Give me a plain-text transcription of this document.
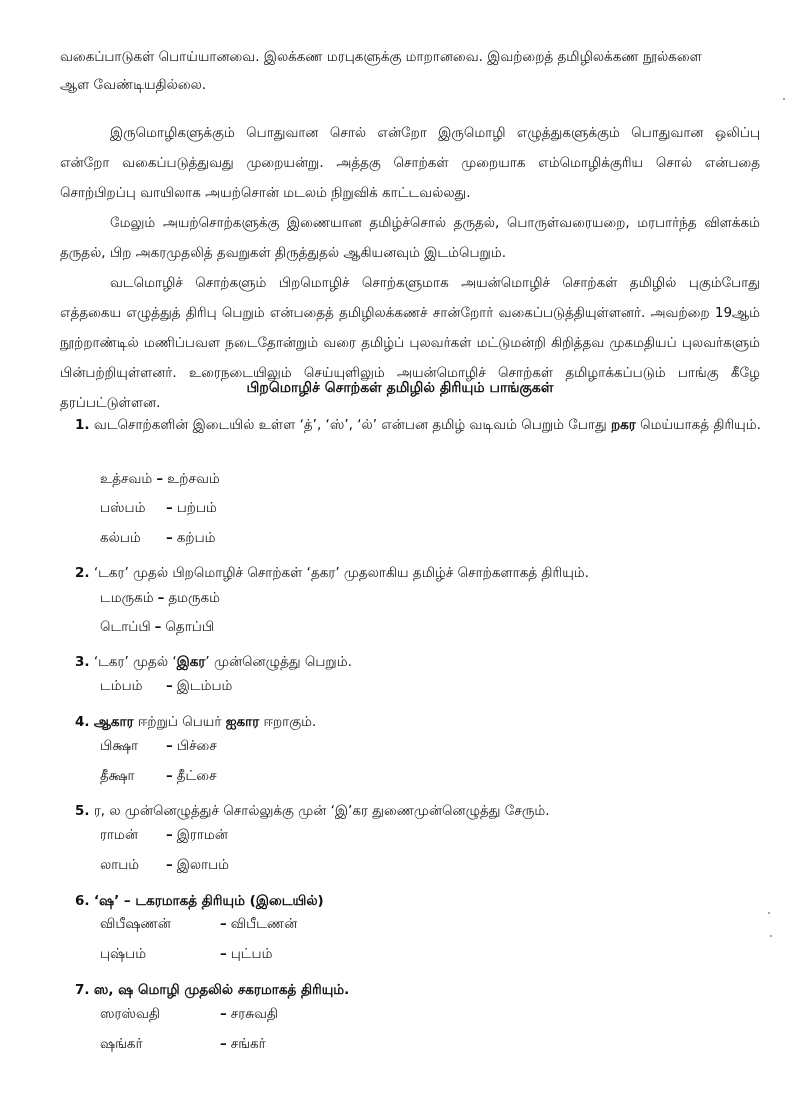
வகைப்பாடுகள் பொய்யானவை. இலக்கண மரபுகளுக்கு மாறானவை. இவற்றைத் தமிழிலக்கண நூல்களை

ஆள வேண்டியதில்லை.

இருமொழிகளுக்கும் பொதுவான சொல் என்றோ இருமொழி எழுத்துகளுக்கும் பொதுவான ஒலிப்பு என்றோ வகைப்படுத்துவது முறையன்று. அத்தகு சொற்கள் முறையாக எம்மொழிக்குரிய சொல் என்பதை சொற்பிறப்பு வாயிலாக அயற்சொன் மடலம் நிறுவிக் காட்டவல்லது.

மேலும் அயற்சொற்களுக்கு இணையான தமிழ்ச்சொல் தருதல், பொருள்வரையறை, மரபார்ந்த விளக்கம் தருதல், பிற அகரமுதலித் தவறுகள் திருத்துதல் ஆகியனவும் இடம்பெறும்.

வடமொழிச் சொற்களும் பிறமொழிச் சொற்களுமாக அயன்மொழிச் சொற்கள் தமிழில் புகும்போது எத்தகைய எழுத்துத் திரிபு பெறும் என்பதைத் தமிழிலக்கணச் சான்றோர் வகைப்படுத்தியுள்ளனர். அவற்றை 19ஆம் நூற்றாண்டில் மணிப்பவள நடைதோன்றும் வரை தமிழ்ப் புலவர்கள் மட்டுமன்றி கிறித்தவ முகமதியப் புலவர்களும் பின்பற்றியுள்ளனர். உரைநடையிலும் செய்யுளிலும் அயன்மொழிச் சொற்கள் தமிழாக்கப்படும் பாங்கு கீழே தரப்பட்டுள்ளன.

பிறமொழிச் சொற்கள் தமிழில் திரியும் பாங்குகள்

1. வடசொற்களின் இடையில் உள்ள ‘த்’, ‘ஸ்’, ‘ல்’ என்பன தமிழ் வடிவம் பெறும் போது றகர மெய்யாகத் திரியும்.

உத்சவம் – உற்சவம்
பஸ்பம் – பற்பம்
கல்பம் – கற்பம்

2. ‘டகர’ முதல் பிறமொழிச் சொற்கள் ‘தகர’ முதலாகிய தமிழ்ச் சொற்களாகத் திரியும்.

டமருகம் – தமருகம்
டொப்பி – தொப்பி

3. ‘டகர’ முதல் ‘இகர’ முன்னெழுத்து பெறும்.

டம்பம் – இடம்பம்

4. ஆகார ஈற்றுப் பெயர் ஐகார ஈறாகும்.

பிக்ஷா – பிச்சை
தீக்ஷா – தீட்சை

5. ர, ல முன்னெழுத்துச் சொல்லுக்கு முன் ‘இ’கர துணைமுன்னெழுத்து சேரும்.

ராமன் – இராமன்
லாபம் – இலாபம்

6. ‘ஷ’ – டகரமாகத் திரியும் (இடையில்)

விபீஷணன்	– விபீடணன்
புஷ்பம்	– புட்பம்

7. ஸ, ஷ மொழி முதலில் சகரமாகத் திரியும்.

ஸரஸ்வதி	– சரசுவதி
ஷங்கர்	– சங்கர்
